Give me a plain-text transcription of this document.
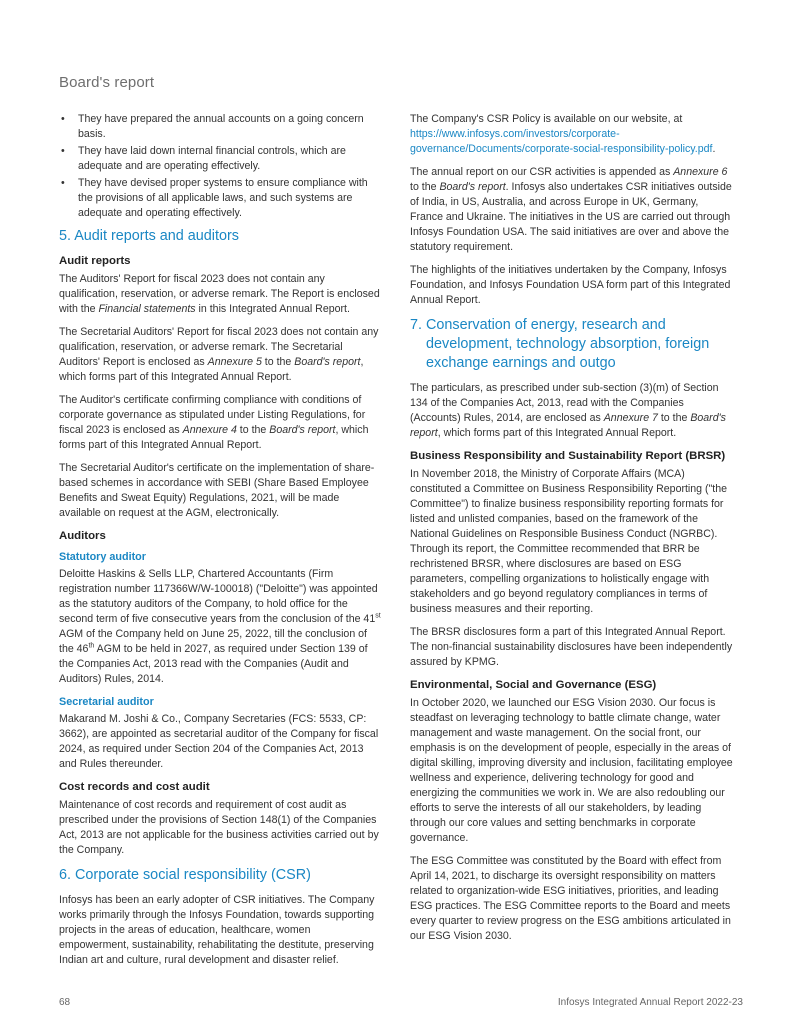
Board's report
• They have prepared the annual accounts on a going concern basis.
• They have laid down internal financial controls, which are adequate and are operating effectively.
• They have devised proper systems to ensure compliance with the provisions of all applicable laws, and such systems are adequate and operating effectively.
5. Audit reports and auditors
Audit reports

The Auditors' Report for fiscal 2023 does not contain any qualification, reservation, or adverse remark. The Report is enclosed with the Financial statements in this Integrated Annual Report.

The Secretarial Auditors' Report for fiscal 2023 does not contain any qualification, reservation, or adverse remark. The Secretarial Auditors' Report is enclosed as Annexure 5 to the Board's report, which forms part of this Integrated Annual Report.

The Auditor's certificate confirming compliance with conditions of corporate governance as stipulated under Listing Regulations, for fiscal 2023 is enclosed as Annexure 4 to the Board's report, which forms part of this Integrated Annual Report.

The Secretarial Auditor's certificate on the implementation of share-based schemes in accordance with SEBI (Share Based Employee Benefits and Sweat Equity) Regulations, 2021, will be made available on request at the AGM, electronically.

Auditors
Statutory auditor

Deloitte Haskins & Sells LLP, Chartered Accountants (Firm registration number 117366W/W-100018) ("Deloitte") was appointed as the statutory auditors of the Company, to hold office for the second term of five consecutive years from the conclusion of the 41st AGM of the Company held on June 25, 2022, till the conclusion of the 46th AGM to be held in 2027, as required under Section 139 of the Companies Act, 2013 read with the Companies (Audit and Auditors) Rules, 2014.

Secretarial auditor

Makarand M. Joshi & Co., Company Secretaries (FCS: 5533, CP: 3662), are appointed as secretarial auditor of the Company for fiscal 2024, as required under Section 204 of the Companies Act, 2013 and Rules thereunder.

Cost records and cost audit

Maintenance of cost records and requirement of cost audit as prescribed under the provisions of Section 148(1) of the Companies Act, 2013 are not applicable for the business activities carried out by the Company.

6. Corporate social responsibility (CSR)

Infosys has been an early adopter of CSR initiatives. The Company works primarily through the Infosys Foundation, towards supporting projects in the areas of education, healthcare, women empowerment, sustainability, rehabilitating the destitute, preserving Indian art and culture, rural development and disaster relief.

The Company's CSR Policy is available on our website, at https://www.infosys.com/investors/corporate-governance/Documents/corporate-social-responsibility-policy.pdf.

The annual report on our CSR activities is appended as Annexure 6 to the Board's report. Infosys also undertakes CSR initiatives outside of India, in US, Australia, and across Europe in UK, Germany, France and Ukraine. The initiatives in the US are carried out through Infosys Foundation USA. The said initiatives are over and above the statutory requirement.

The highlights of the initiatives undertaken by the Company, Infosys Foundation, and Infosys Foundation USA form part of this Integrated Annual Report.

7. Conservation of energy, research and development, technology absorption, foreign exchange earnings and outgo

The particulars, as prescribed under sub-section (3)(m) of Section 134 of the Companies Act, 2013, read with the Companies (Accounts) Rules, 2014, are enclosed as Annexure 7 to the Board's report, which forms part of this Integrated Annual Report.

Business Responsibility and Sustainability Report (BRSR)

In November 2018, the Ministry of Corporate Affairs (MCA) constituted a Committee on Business Responsibility Reporting ("the Committee") to finalize business responsibility reporting formats for listed and unlisted companies, based on the framework of the National Guidelines on Responsible Business Conduct (NGRBC). Through its report, the Committee recommended that BRR be rechristened BRSR, where disclosures are based on ESG parameters, compelling organizations to holistically engage with stakeholders and go beyond regulatory compliances in terms of business measures and their reporting.

The BRSR disclosures form a part of this Integrated Annual Report. The non-financial sustainability disclosures have been independently assured by KPMG.

Environmental, Social and Governance (ESG)

In October 2020, we launched our ESG Vision 2030. Our focus is steadfast on leveraging technology to battle climate change, water management and waste management. On the social front, our emphasis is on the development of people, especially in the areas of digital skilling, improving diversity and inclusion, facilitating employee wellness and experience, delivering technology for good and energizing the communities we work in. We are also redoubling our efforts to serve the interests of all our stakeholders, by leading through our core values and setting benchmarks in corporate governance.

The ESG Committee was constituted by the Board with effect from April 14, 2021, to discharge its oversight responsibility on matters related to organization-wide ESG initiatives, priorities, and leading ESG practices. The ESG Committee reports to the Board and meets every quarter to review progress on the ESG ambitions articulated in our ESG Vision 2030.

68	Infosys Integrated Annual Report 2022-23
